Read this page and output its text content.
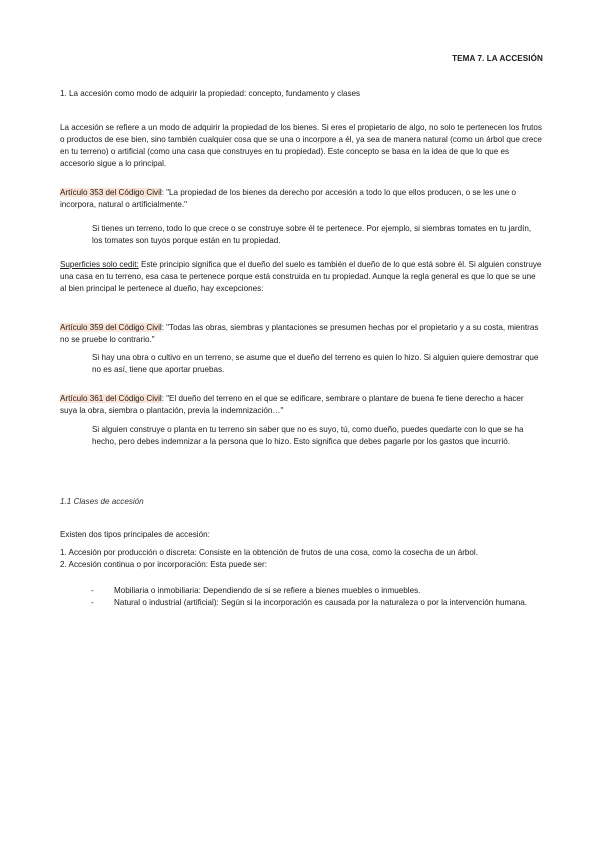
TEMA 7. LA ACCESIÓN
1. La accesión como modo de adquirir la propiedad: concepto, fundamento y clases
La accesión se refiere a un modo de adquirir la propiedad de los bienes. Si eres el propietario de algo, no solo te pertenecen los frutos o productos de ese bien, sino también cualquier cosa que se una o incorpore a él, ya sea de manera natural (como un árbol que crece en tu terreno) o artificial (como una casa que construyes en tu propiedad). Este concepto se basa en la idea de que lo que es accesorio sigue a lo principal.
Artículo 353 del Código Civil: "La propiedad de los bienes da derecho por accesión a todo lo que ellos producen, o se les une o incorpora, natural o artificialmente."
Si tienes un terreno, todo lo que crece o se construye sobre él te pertenece. Por ejemplo, si siembras tomates en tu jardín, los tomates son tuyos porque están en tu propiedad.
Superficies solo cedit: Este principio significa que el dueño del suelo es también el dueño de lo que está sobre él. Si alguien construye una casa en tu terreno, esa casa te pertenece porque está construida en tu propiedad. Aunque la regla general es que lo que se une al bien principal le pertenece al dueño, hay excepciones:
Artículo 359 del Código Civil: "Todas las obras, siembras y plantaciones se presumen hechas por el propietario y a su costa, mientras no se pruebe lo contrario."
Si hay una obra o cultivo en un terreno, se asume que el dueño del terreno es quien lo hizo. Si alguien quiere demostrar que no es así, tiene que aportar pruebas.
Artículo 361 del Código Civil: "El dueño del terreno en el que se edificare, sembrare o plantare de buena fe tiene derecho a hacer suya la obra, siembra o plantación, previa la indemnización…"
Si alguien construye o planta en tu terreno sin saber que no es suyo, tú, como dueño, puedes quedarte con lo que se ha hecho, pero debes indemnizar a la persona que lo hizo. Esto significa que debes pagarle por los gastos que incurrió.
1.1 Clases de accesión
Existen dos tipos principales de accesión:
1. Accesión por producción o discreta: Consiste en la obtención de frutos de una cosa, como la cosecha de un árbol.
2. Accesión continua o por incorporación: Esta puede ser:
-	Mobiliaria o inmobiliaria: Dependiendo de si se refiere a bienes muebles o inmuebles.
-	Natural o industrial (artificial): Según si la incorporación es causada por la naturaleza o por la intervención humana.
